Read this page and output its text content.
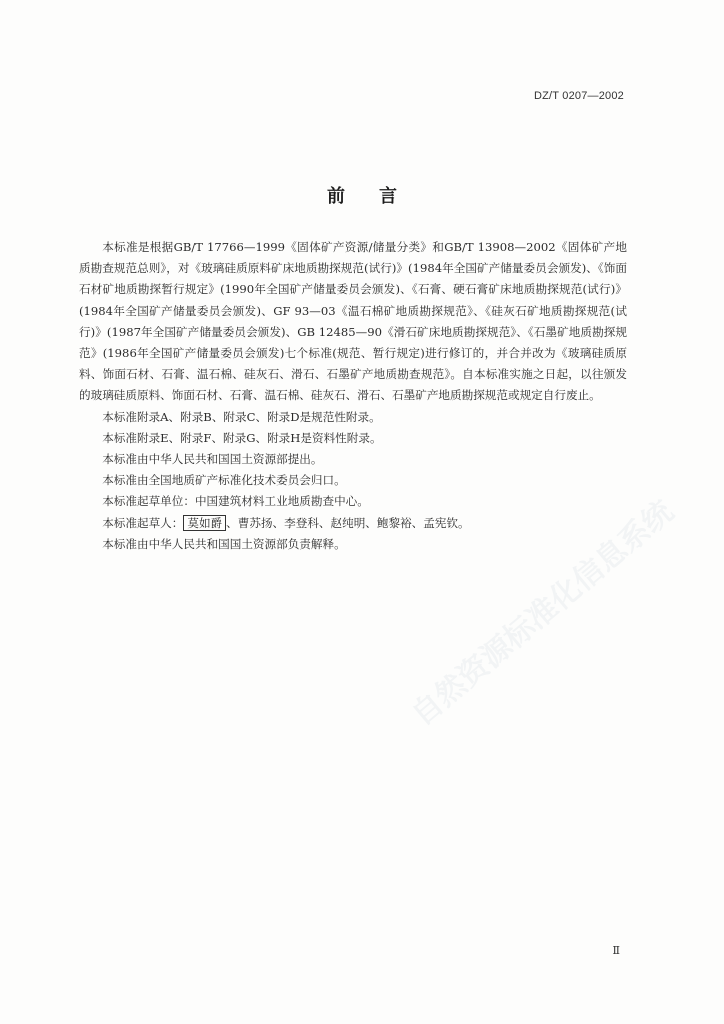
DZ/T 0207—2002
前言

本标准是根据GB/T 17766—1999《固体矿产资源/储量分类》和GB/T 13908—2002《固体矿产地质勘查规范总则》，对《玻璃硅质原料矿床地质勘探规范(试行)》(1984年全国矿产储量委员会颁发)、《饰面石材矿地质勘探暂行规定》(1990年全国矿产储量委员会颁发)、《石膏、硬石膏矿床地质勘探规范(试行)》(1984年全国矿产储量委员会颁发)、GF 93—03《温石棉矿地质勘探规范》、《硅灰石矿地质勘探规范(试行)》(1987年全国矿产储量委员会颁发)、GB 12485—90《滑石矿床地质勘探规范》、《石墨矿地质勘探规范》(1986年全国矿产储量委员会颁发)七个标准(规范、暂行规定)进行修订的，并合并改为《玻璃硅质原料、饰面石材、石膏、温石棉、硅灰石、滑石、石墨矿产地质勘查规范》。自本标准实施之日起，以往颁发的玻璃硅质原料、饰面石材、石膏、温石棉、硅灰石、滑石、石墨矿产地质勘探规范或规定自行废止。

本标准附录A、附录B、附录C、附录D是规范性附录。

本标准附录E、附录F、附录G、附录H是资料性附录。

本标准由中华人民共和国国土资源部提出。

本标准由全国地质矿产标准化技术委员会归口。

本标准起草单位：中国建筑材料工业地质勘查中心。

本标准起草人： 莫如爵 、曹苏扬、李登科、赵纯明、鲍黎裕、孟宪钦。

本标准由中华人民共和国国土资源部负责解释。	自然资源标准化信息系统
Ⅱ
